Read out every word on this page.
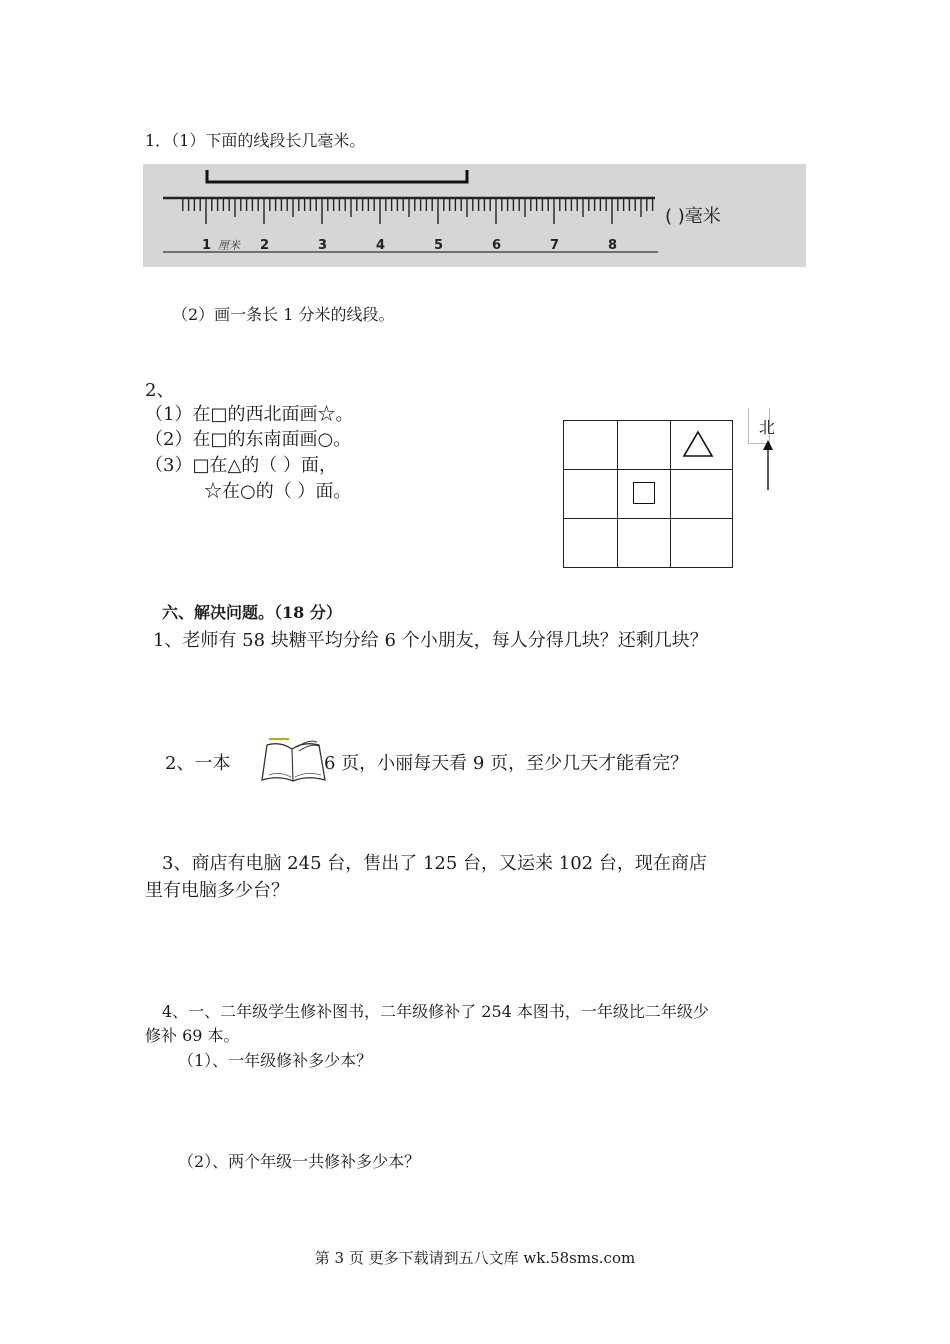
1．（1）下面的线段长几毫米。
1	2	3	4	5	6	7	8
厘米
( )毫米
（2）画一条长 1 分米的线段。
2、
（1）在□的西北面画☆。
（2）在□的东南面画○。
（3）□在△的（ ）面，
☆在○的（ ）面。
北
六、解决问题。（18 分）
1、老师有 58 块糖平均分给 6 个小朋友，每人分得几块？还剩几块？
2、一本	6 页，小丽每天看 9 页，至少几天才能看完？
3、商店有电脑 245 台，售出了 125 台，又运来 102 台，现在商店
里有电脑多少台？
4、一、二年级学生修补图书，二年级修补了 254 本图书，一年级比二年级少
修补 69 本。
（1）、一年级修补多少本？
（2）、两个年级一共修补多少本？
第 3 页 更多下载请到五八文库 wk.58sms.com
